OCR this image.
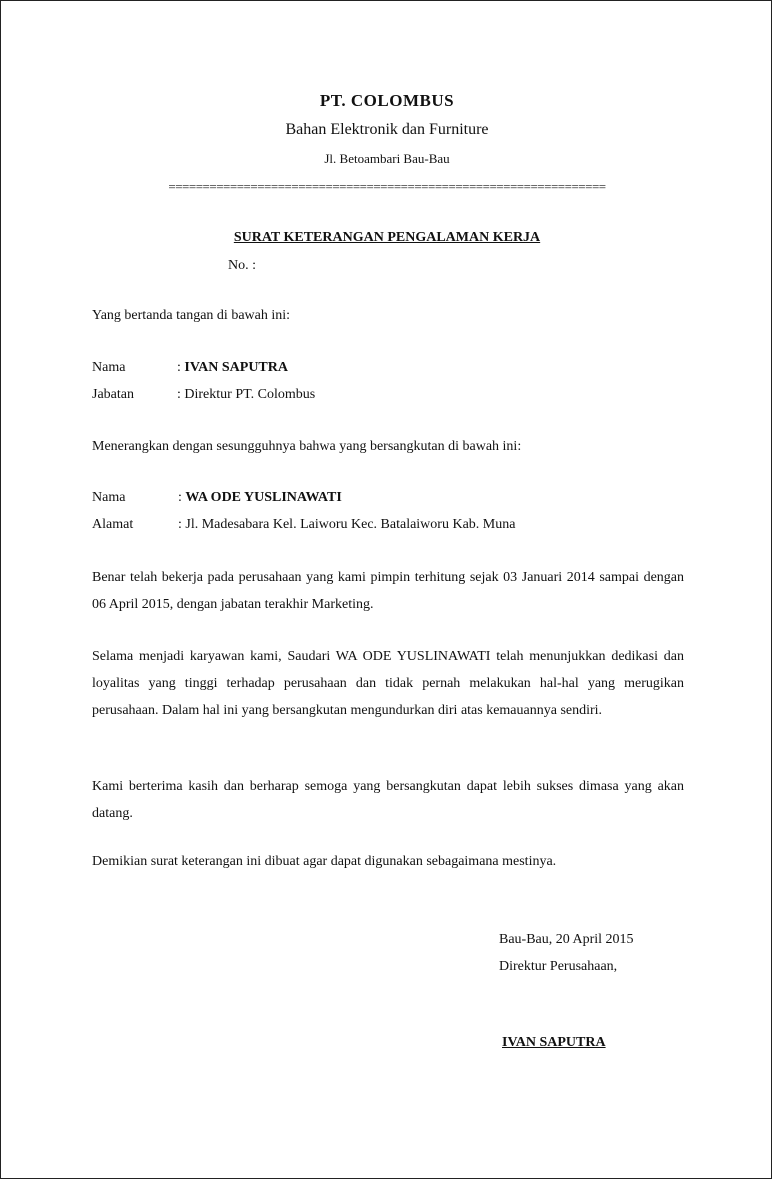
PT. COLOMBUS
Bahan Elektronik dan Furniture
Jl. Betoambari Bau-Bau
================================================================
SURAT KETERANGAN PENGALAMAN KERJA
No. :
Yang bertanda tangan di bawah ini:
Nama	: IVAN SAPUTRA
Jabatan	: Direktur PT. Colombus
Menerangkan dengan sesungguhnya bahwa yang bersangkutan di bawah ini:
Nama	: WA ODE YUSLINAWATI
Alamat	: Jl. Madesabara Kel. Laiworu Kec. Batalaiworu Kab. Muna
Benar telah bekerja pada perusahaan yang kami pimpin terhitung sejak 03 Januari 2014 sampai dengan 06 April 2015, dengan jabatan terakhir Marketing.
Selama menjadi karyawan kami, Saudari WA ODE YUSLINAWATI telah menunjukkan dedikasi dan loyalitas yang tinggi terhadap perusahaan dan tidak pernah melakukan hal-hal yang merugikan perusahaan. Dalam hal ini yang bersangkutan mengundurkan diri atas kemauannya sendiri.
Kami berterima kasih dan berharap semoga yang bersangkutan dapat lebih sukses dimasa yang akan datang.
Demikian surat keterangan ini dibuat agar dapat digunakan sebagaimana mestinya.
Bau-Bau, 20 April 2015
Direktur Perusahaan,
IVAN SAPUTRA
